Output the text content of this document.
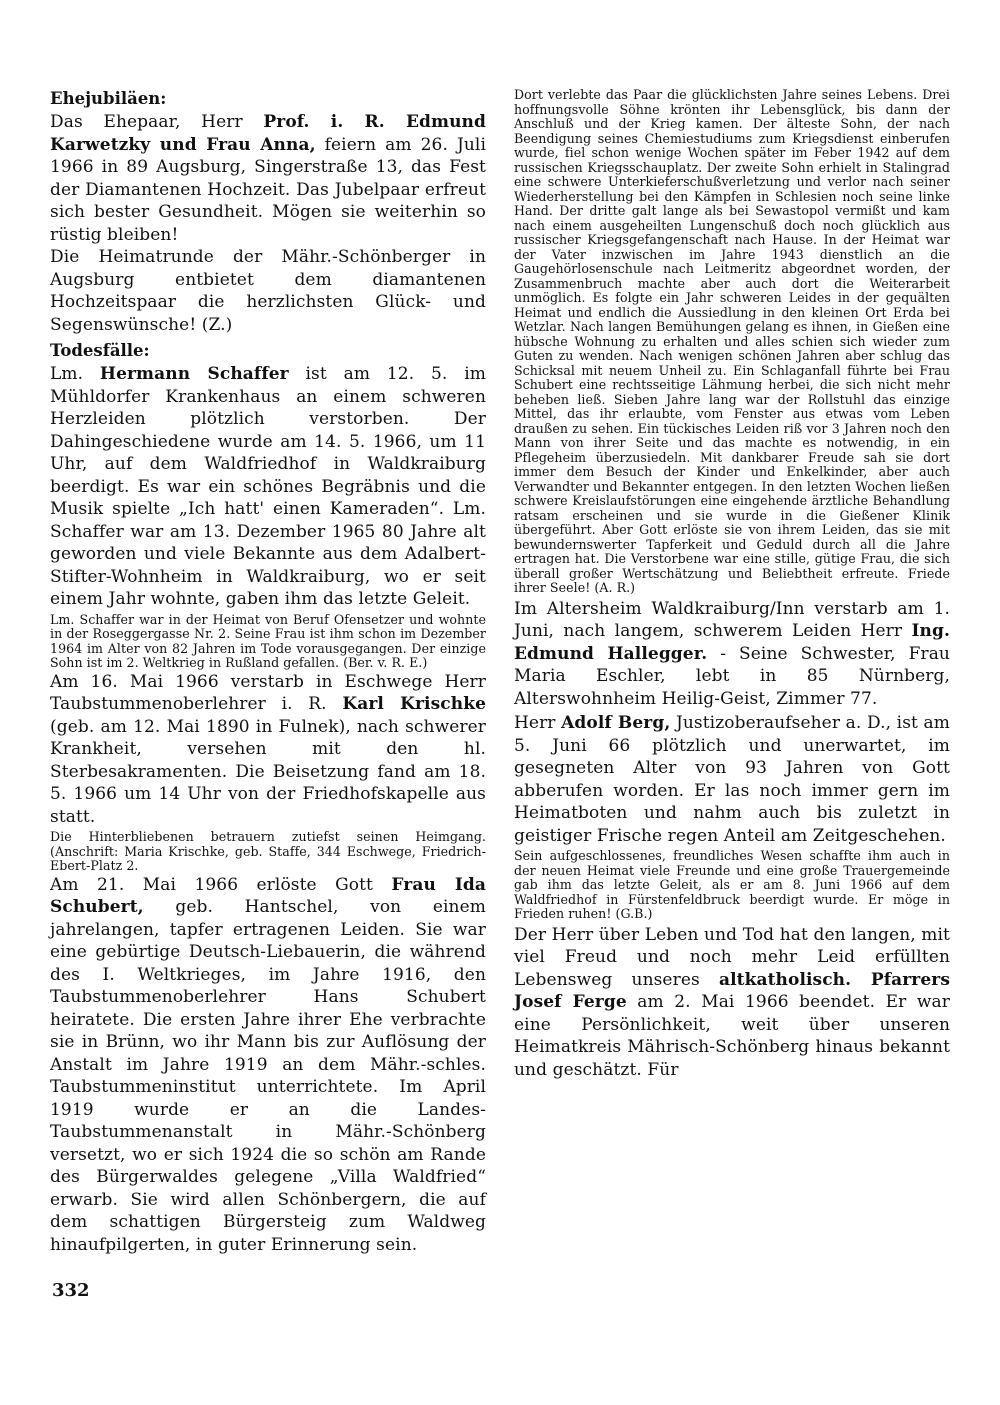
Ehejubiläen:

Das Ehepaar, Herr Prof. i. R. Edmund Karwetzky und Frau Anna, feiern am 26. Juli 1966 in 89 Augsburg, Singerstraße 13, das Fest der Diamantenen Hochzeit. Das Jubelpaar erfreut sich bester Gesundheit. Mögen sie weiterhin so rüstig bleiben!

Die Heimatrunde der Mähr.-Schönberger in Augsburg entbietet dem diamantenen Hochzeitspaar die herzlichsten Glück- und Segenswünsche! (Z.)

Todesfälle:

Lm. Hermann Schaffer ist am 12. 5. im Mühldorfer Krankenhaus an einem schweren Herzleiden plötzlich verstorben. Der Dahingeschiedene wurde am 14. 5. 1966, um 11 Uhr, auf dem Waldfriedhof in Waldkraiburg beerdigt. Es war ein schönes Begräbnis und die Musik spielte „Ich hatt' einen Kameraden“. Lm. Schaffer war am 13. Dezember 1965 80 Jahre alt geworden und viele Bekannte aus dem Adalbert-Stifter-Wohnheim in Waldkraiburg, wo er seit einem Jahr wohnte, gaben ihm das letzte Geleit.

Lm. Schaffer war in der Heimat von Beruf Ofensetzer und wohnte in der Roseggergasse Nr. 2. Seine Frau ist ihm schon im Dezember 1964 im Alter von 82 Jahren im Tode vorausgegangen. Der einzige Sohn ist im 2. Weltkrieg in Rußland gefallen. (Ber. v. R. E.)

Am 16. Mai 1966 verstarb in Eschwege Herr Taubstummenoberlehrer i. R. Karl Krischke (geb. am 12. Mai 1890 in Fulnek), nach schwerer Krankheit, versehen mit den hl. Sterbesakramenten. Die Beisetzung fand am 18. 5. 1966 um 14 Uhr von der Friedhofskapelle aus statt.

Die Hinterbliebenen betrauern zutiefst seinen Heimgang. (Anschrift: Maria Krischke, geb. Staffe, 344 Eschwege, Friedrich-Ebert-Platz 2.

Am 21. Mai 1966 erlöste Gott Frau Ida Schubert, geb. Hantschel, von einem jahrelangen, tapfer ertragenen Leiden. Sie war eine gebürtige Deutsch-Liebauerin, die während des I. Weltkrieges, im Jahre 1916, den Taubstummenoberlehrer Hans Schubert heiratete. Die ersten Jahre ihrer Ehe verbrachte sie in Brünn, wo ihr Mann bis zur Auflösung der Anstalt im Jahre 1919 an dem Mähr.-schles. Taubstummeninstitut unterrichtete. Im April 1919 wurde er an die Landes-Taubstummenanstalt in Mähr.-Schönberg versetzt, wo er sich 1924 die so schön am Rande des Bürgerwaldes gelegene „Villa Waldfried“ erwarb. Sie wird allen Schönbergern, die auf dem schattigen Bürgersteig zum Waldweg hinaufpilgerten, in guter Erinnerung sein.

Dort verlebte das Paar die glücklichsten Jahre seines Lebens. Drei hoffnungsvolle Söhne krönten ihr Lebensglück, bis dann der Anschluß und der Krieg kamen. Der älteste Sohn, der nach Beendigung seines Chemiestudiums zum Kriegsdienst einberufen wurde, fiel schon wenige Wochen später im Feber 1942 auf dem russischen Kriegsschauplatz. Der zweite Sohn erhielt in Stalingrad eine schwere Unterkieferschußverletzung und verlor nach seiner Wiederherstellung bei den Kämpfen in Schlesien noch seine linke Hand. Der dritte galt lange als bei Sewastopol vermißt und kam nach einem ausgeheilten Lungenschuß doch noch glücklich aus russischer Kriegsgefangenschaft nach Hause. In der Heimat war der Vater inzwischen im Jahre 1943 dienstlich an die Gaugehörlosenschule nach Leitmeritz abgeordnet worden, der Zusammenbruch machte aber auch dort die Weiterarbeit unmöglich. Es folgte ein Jahr schweren Leides in der gequälten Heimat und endlich die Aussiedlung in den kleinen Ort Erda bei Wetzlar. Nach langen Bemühungen gelang es ihnen, in Gießen eine hübsche Wohnung zu erhalten und alles schien sich wieder zum Guten zu wenden. Nach wenigen schönen Jahren aber schlug das Schicksal mit neuem Unheil zu. Ein Schlaganfall führte bei Frau Schubert eine rechtsseitige Lähmung herbei, die sich nicht mehr beheben ließ. Sieben Jahre lang war der Rollstuhl das einzige Mittel, das ihr erlaubte, vom Fenster aus etwas vom Leben draußen zu sehen. Ein tückisches Leiden riß vor 3 Jahren noch den Mann von ihrer Seite und das machte es notwendig, in ein Pflegeheim überzusiedeln. Mit dankbarer Freude sah sie dort immer dem Besuch der Kinder und Enkelkinder, aber auch Verwandter und Bekannter entgegen. In den letzten Wochen ließen schwere Kreislaufstörungen eine eingehende ärztliche Behandlung ratsam erscheinen und sie wurde in die Gießener Klinik übergeführt. Aber Gott erlöste sie von ihrem Leiden, das sie mit bewundernswerter Tapferkeit und Geduld durch all die Jahre ertragen hat. Die Verstorbene war eine stille, gütige Frau, die sich überall großer Wertschätzung und Beliebtheit erfreute. Friede ihrer Seele! (A. R.)

Im Altersheim Waldkraiburg/Inn verstarb am 1. Juni, nach langem, schwerem Leiden Herr Ing. Edmund Hallegger. - Seine Schwester, Frau Maria Eschler, lebt in 85 Nürnberg, Alterswohnheim Heilig-Geist, Zimmer 77.

Herr Adolf Berg, Justizoberaufseher a. D., ist am 5. Juni 66 plötzlich und unerwartet, im gesegneten Alter von 93 Jahren von Gott abberufen worden. Er las noch immer gern im Heimatboten und nahm auch bis zuletzt in geistiger Frische regen Anteil am Zeitgeschehen.

Sein aufgeschlossenes, freundliches Wesen schaffte ihm auch in der neuen Heimat viele Freunde und eine große Trauergemeinde gab ihm das letzte Geleit, als er am 8. Juni 1966 auf dem Waldfriedhof in Fürstenfeldbruck beerdigt wurde. Er möge in Frieden ruhen! (G.B.)

Der Herr über Leben und Tod hat den langen, mit viel Freud und noch mehr Leid erfüllten Lebensweg unseres altkatholisch. Pfarrers Josef Ferge am 2. Mai 1966 beendet. Er war eine Persönlichkeit, weit über unseren Heimatkreis Mährisch-Schönberg hinaus bekannt und geschätzt. Für

332
